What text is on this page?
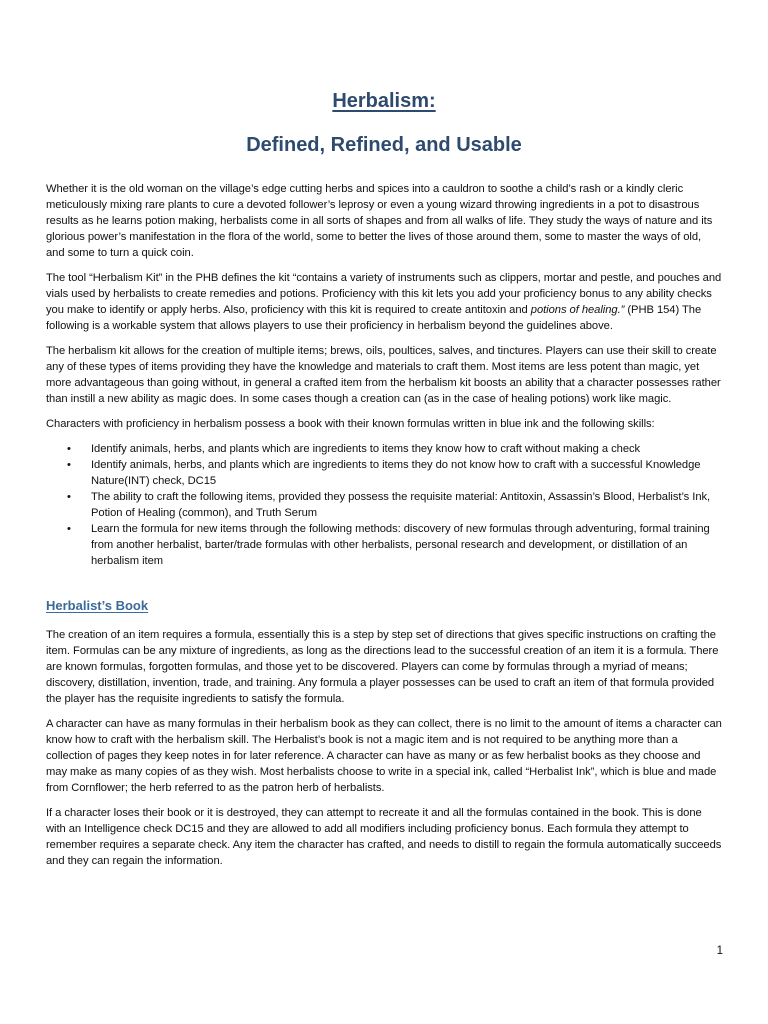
Herbalism:
Defined, Refined, and Usable

Whether it is the old woman on the village’s edge cutting herbs and spices into a cauldron to soothe a child’s rash or a kindly cleric meticulously mixing rare plants to cure a devoted follower’s leprosy or even a young wizard throwing ingredients in a pot to disastrous results as he learns potion making, herbalists come in all sorts of shapes and from all walks of life. They study the ways of nature and its glorious power’s manifestation in the flora of the world, some to better the lives of those around them, some to master the ways of old, and some to turn a quick coin.

The tool “Herbalism Kit” in the PHB defines the kit “contains a variety of instruments such as clippers, mortar and pestle, and pouches and vials used by herbalists to create remedies and potions. Proficiency with this kit lets you add your proficiency bonus to any ability checks you make to identify or apply herbs. Also, proficiency with this kit is required to create antitoxin and potions of healing.” (PHB 154) The following is a workable system that allows players to use their proficiency in herbalism beyond the guidelines above.

The herbalism kit allows for the creation of multiple items; brews, oils, poultices, salves, and tinctures. Players can use their skill to create any of these types of items providing they have the knowledge and materials to craft them. Most items are less potent than magic, yet more advantageous than going without, in general a crafted item from the herbalism kit boosts an ability that a character possesses rather than instill a new ability as magic does. In some cases though a creation can (as in the case of healing potions) work like magic.

Characters with proficiency in herbalism possess a book with their known formulas written in blue ink and the following skills:

• Identify animals, herbs, and plants which are ingredients to items they know how to craft without making a check
• Identify animals, herbs, and plants which are ingredients to items they do not know how to craft with a successful Knowledge Nature(INT) check, DC15
• The ability to craft the following items, provided they possess the requisite material: Antitoxin, Assassin’s Blood, Herbalist’s Ink, Potion of Healing (common), and Truth Serum
• Learn the formula for new items through the following methods: discovery of new formulas through adventuring, formal training from another herbalist, barter/trade formulas with other herbalists, personal research and development, or distillation of an herbalism item
Herbalist’s Book

The creation of an item requires a formula, essentially this is a step by step set of directions that gives specific instructions on crafting the item. Formulas can be any mixture of ingredients, as long as the directions lead to the successful creation of an item it is a formula. There are known formulas, forgotten formulas, and those yet to be discovered. Players can come by formulas through a myriad of means; discovery, distillation, invention, trade, and training. Any formula a player possesses can be used to craft an item of that formula provided the player has the requisite ingredients to satisfy the formula.

A character can have as many formulas in their herbalism book as they can collect, there is no limit to the amount of items a character can know how to craft with the herbalism skill. The Herbalist’s book is not a magic item and is not required to be anything more than a collection of pages they keep notes in for later reference. A character can have as many or as few herbalist books as they choose and may make as many copies of as they wish. Most herbalists choose to write in a special ink, called “Herbalist Ink”, which is blue and made from Cornflower; the herb referred to as the patron herb of herbalists.

If a character loses their book or it is destroyed, they can attempt to recreate it and all the formulas contained in the book. This is done with an Intelligence check DC15 and they are allowed to add all modifiers including proficiency bonus. Each formula they attempt to remember requires a separate check. Any item the character has crafted, and needs to distill to regain the formula automatically succeeds and they can regain the information.

1
